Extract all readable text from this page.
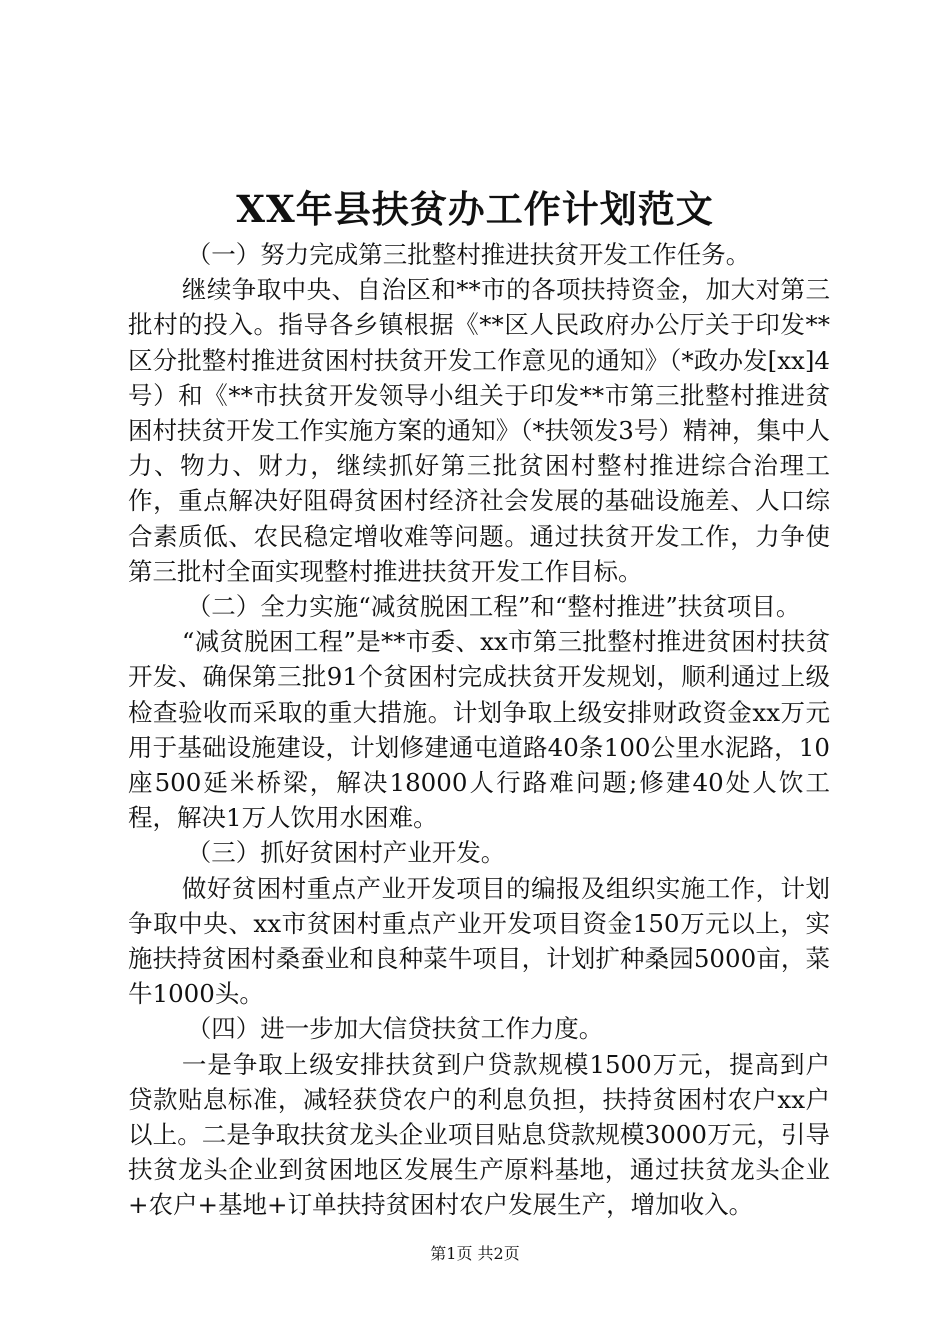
XX年县扶贫办工作计划范文

（一）努力完成第三批整村推进扶贫开发工作任务。

继续争取中央、自治区和**市的各项扶持资金，加大对第三批村的投入。指导各乡镇根据《**区人民政府办公厅关于印发**区分批整村推进贫困村扶贫开发工作意见的通知》（*政办发[xx]4号）和《**市扶贫开发领导小组关于印发**市第三批整村推进贫困村扶贫开发工作实施方案的通知》（*扶领发3号）精神，集中人力、物力、财力，继续抓好第三批贫困村整村推进综合治理工作，重点解决好阻碍贫困村经济社会发展的基础设施差、人口综合素质低、农民稳定增收难等问题。通过扶贫开发工作，力争使第三批村全面实现整村推进扶贫开发工作目标。

（二）全力实施“减贫脱困工程”和“整村推进”扶贫项目。

“减贫脱困工程”是**市委、xx市第三批整村推进贫困村扶贫开发、确保第三批91个贫困村完成扶贫开发规划，顺利通过上级检查验收而采取的重大措施。计划争取上级安排财政资金xx万元用于基础设施建设，计划修建通屯道路40条100公里水泥路，10座500延米桥梁，解决18000人行路难问题;修建40处人饮工程，解决1万人饮用水困难。

（三）抓好贫困村产业开发。

做好贫困村重点产业开发项目的编报及组织实施工作，计划争取中央、xx市贫困村重点产业开发项目资金150万元以上，实施扶持贫困村桑蚕业和良种菜牛项目，计划扩种桑园5000亩，菜牛1000头。

（四）进一步加大信贷扶贫工作力度。

一是争取上级安排扶贫到户贷款规模1500万元，提高到户贷款贴息标准，减轻获贷农户的利息负担，扶持贫困村农户xx户以上。二是争取扶贫龙头企业项目贴息贷款规模3000万元，引导扶贫龙头企业到贫困地区发展生产原料基地，通过扶贫龙头企业+农户+基地+订单扶持贫困村农户发展生产，增加收入。

第1页 共2页
